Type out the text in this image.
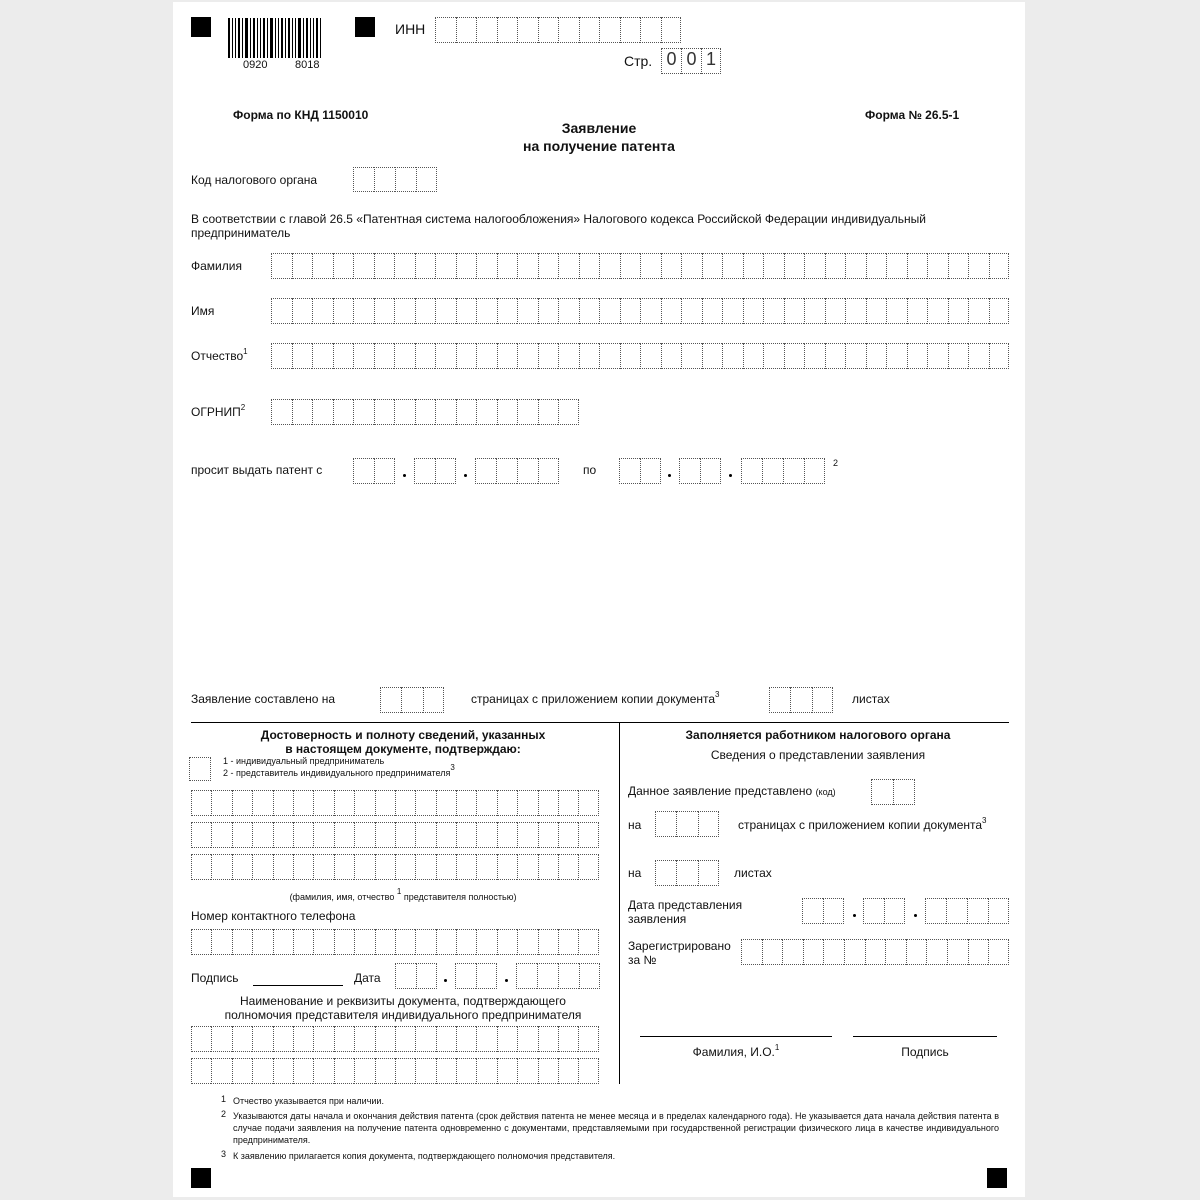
0920	8018
ИНН
Стр. 0 0 1
Форма по КНД 1150010	Форма № 26.5-1
Заявление
на получение патента
Код налогового органа
В соответствии с главой 26.5 «Патентная система налогообложения» Налогового кодекса Российской Федерации индивидуальный предприниматель
Фамилия
Имя
Отчество$^1$
ОГРНИП$^2$
просит выдать патент с	по	2
Заявление составлено на	страницах с приложением копии документа$^3$	листах
Достоверность и полноту сведений, указанных
в настоящем документе, подтверждаю:
1 - индивидуальный предприниматель
2 - представитель индивидуального предпринимателя3
(фамилия, имя, отчество 1 представителя полностью)
Номер контактного телефона
Подпись	Дата
Наименование и реквизиты документа, подтверждающего
полномочия представителя индивидуального предпринимателя
Заполняется работником налогового органа
Сведения о представлении заявления
Данное заявление представлено (код)
на	страницах с приложением копии документа$^3$
на	листах
Дата представления
заявления
Зарегистрировано
за №
Фамилия, И.О.$^1$	Подпись
1 Отчество указывается при наличии.
2 Указываются даты начала и окончания действия патента (срок действия патента не менее месяца и в пределах календарного года). Не указывается дата начала действия патента в случае подачи заявления на получение патента одновременно с документами, представляемыми при государственной регистрации физического лица в качестве индивидуального предпринимателя.
3 К заявлению прилагается копия документа, подтверждающего полномочия представителя.
